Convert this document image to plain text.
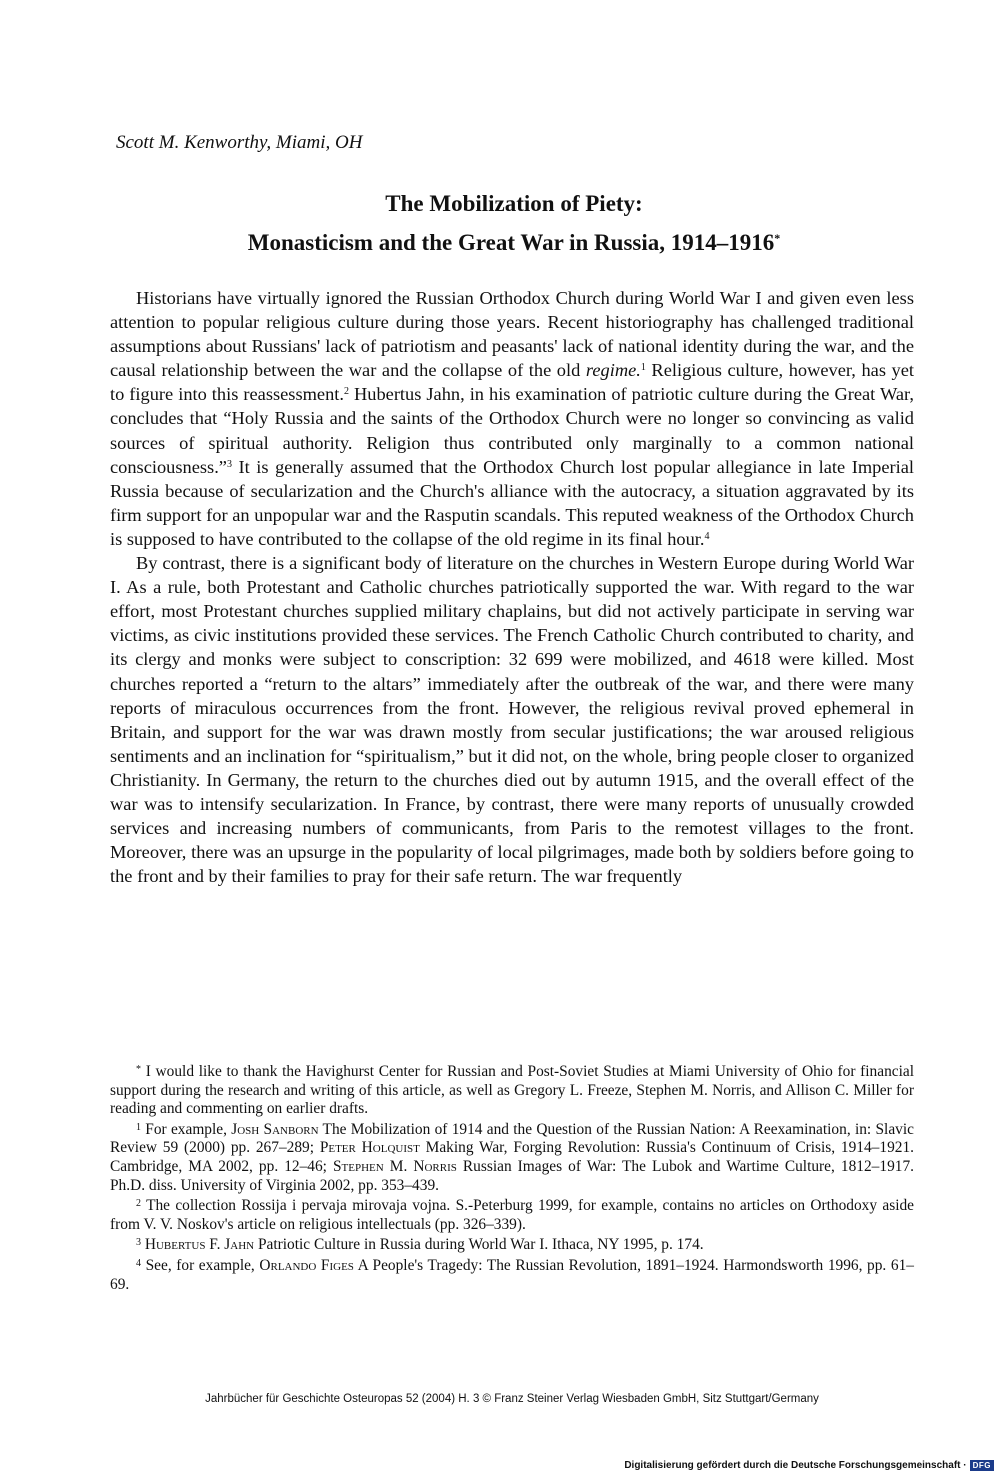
Scott M. Kenworthy, Miami, OH
The Mobilization of Piety:
Monasticism and the Great War in Russia, 1914–1916*

Historians have virtually ignored the Russian Orthodox Church during World War I and given even less attention to popular religious culture during those years. Recent historiography has challenged traditional assumptions about Russians' lack of patriotism and peasants' lack of national identity during the war, and the causal relationship between the war and the collapse of the old regime.$^1$ Religious culture, however, has yet to figure into this reassessment.$^2$ Hubertus Jahn, in his examination of patriotic culture during the Great War, concludes that “Holy Russia and the saints of the Orthodox Church were no longer so convincing as valid sources of spiritual authority. Religion thus contributed only marginally to a common national consciousness.”$^3$ It is generally assumed that the Orthodox Church lost popular allegiance in late Imperial Russia because of secularization and the Church's alliance with the autocracy, a situation aggravated by its firm support for an unpopular war and the Rasputin scandals. This reputed weakness of the Orthodox Church is supposed to have contributed to the collapse of the old regime in its final hour.$^4$

By contrast, there is a significant body of literature on the churches in Western Europe during World War I. As a rule, both Protestant and Catholic churches patriotically supported the war. With regard to the war effort, most Protestant churches supplied military chaplains, but did not actively participate in serving war victims, as civic institutions provided these services. The French Catholic Church contributed to charity, and its clergy and monks were subject to conscription: 32 699 were mobilized, and 4618 were killed. Most churches reported a “return to the altars” immediately after the outbreak of the war, and there were many reports of miraculous occurrences from the front. However, the religious revival proved ephemeral in Britain, and support for the war was drawn mostly from secular justifications; the war aroused religious sentiments and an inclination for “spiritualism,” but it did not, on the whole, bring people closer to organized Christianity. In Germany, the return to the churches died out by autumn 1915, and the overall effect of the war was to intensify secularization. In France, by contrast, there were many reports of unusually crowded services and increasing numbers of communicants, from Paris to the remotest villages to the front. Moreover, there was an upsurge in the popularity of local pilgrimages, made both by soldiers before going to the front and by their families to pray for their safe return. The war frequently

* I would like to thank the Havighurst Center for Russian and Post-Soviet Studies at Miami University of Ohio for financial support during the research and writing of this article, as well as Gregory L. Freeze, Stephen M. Norris, and Allison C. Miller for reading and commenting on earlier drafts.

$^1$ For example, Josh Sanborn The Mobilization of 1914 and the Question of the Russian Nation: A Reexamination, in: Slavic Review 59 (2000) pp. 267–289; Peter Holquist Making War, Forging Revolution: Russia's Continuum of Crisis, 1914–1921. Cambridge, MA 2002, pp. 12–46; Stephen M. Norris Russian Images of War: The Lubok and Wartime Culture, 1812–1917. Ph.D. diss. University of Virginia 2002, pp. 353–439.

$^2$ The collection Rossija i pervaja mirovaja vojna. S.-Peterburg 1999, for example, contains no articles on Orthodoxy aside from V. V. Noskov's article on religious intellectuals (pp. 326–339).

$^3$ Hubertus F. Jahn Patriotic Culture in Russia during World War I. Ithaca, NY 1995, p. 174.

$^4$ See, for example, Orlando Figes A People's Tragedy: The Russian Revolution, 1891–1924. Harmondsworth 1996, pp. 61–69.

Jahrbücher für Geschichte Osteuropas 52 (2004) H. 3 © Franz Steiner Verlag Wiesbaden GmbH, Sitz Stuttgart/Germany
Digitalisierung gefördert durch die Deutsche Forschungsgemeinschaft · DFG
